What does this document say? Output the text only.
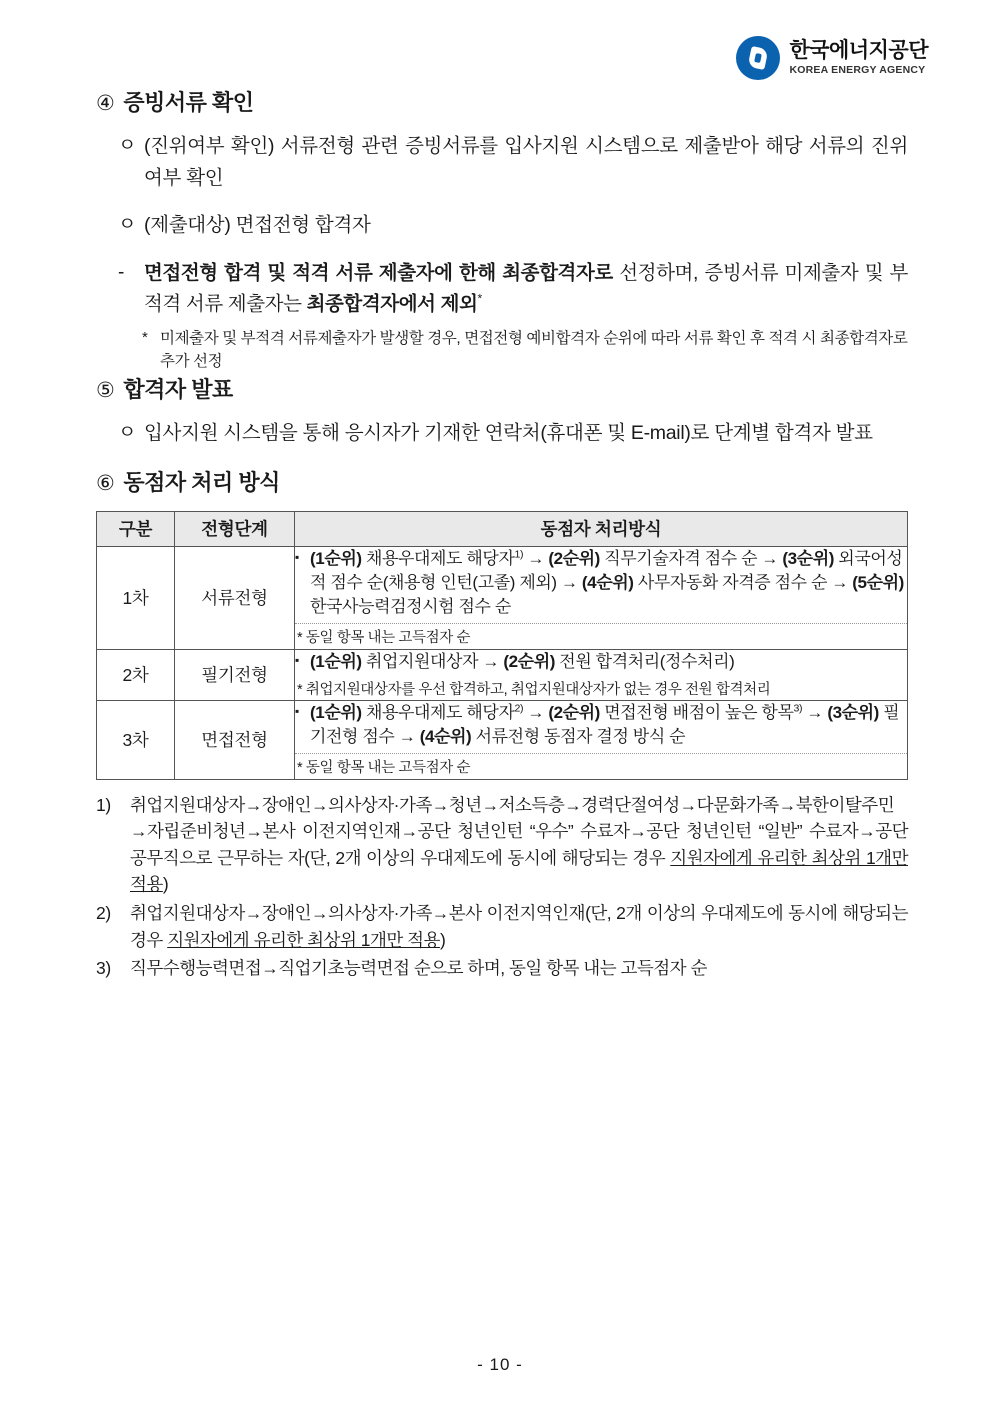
한국에너지공단
KOREA ENERGY AGENCY
④ 증빙서류 확인
ㅇ (진위여부 확인) 서류전형 관련 증빙서류를 입사지원 시스템으로 제출받아 해당 서류의 진위여부 확인
ㅇ (제출대상) 면접전형 합격자
-	면접전형 합격 및 적격 서류 제출자에 한해 최종합격자로 선정하며, 증빙서류 미제출자 및 부적격 서류 제출자는 최종합격자에서 제외*
* 미제출자 및 부적격 서류제출자가 발생할 경우, 면접전형 예비합격자 순위에 따라 서류 확인 후 적격 시 최종합격자로 추가 선정
⑤ 합격자 발표
ㅇ 입사지원 시스템을 통해 응시자가 기재한 연락처(휴대폰 및 E-mail)로 단계별 합격자 발표
⑥ 동점자 처리 방식
구분	전형단계	동점자 처리방식
1차	서류전형	▪ (1순위) 채용우대제도 해당자$^{1)}$ → (2순위) 직무기술자격 점수 순 → (3순위) 외국어성적 점수 순(채용형 인턴(고졸) 제외) → (4순위) 사무자동화 자격증 점수 순 → (5순위) 한국사능력검정시험 점수 순
* 동일 항목 내는 고득점자 순

2차	필기전형	▪ (1순위) 취업지원대상자 → (2순위) 전원 합격처리(정수처리)
* 취업지원대상자를 우선 합격하고, 취업지원대상자가 없는 경우 전원 합격처리

3차	면접전형	▪ (1순위) 채용우대제도 해당자$^{2)}$ → (2순위) 면접전형 배점이 높은 항목$^{3)}$ → (3순위) 필기전형 점수 → (4순위) 서류전형 동점자 결정 방식 순
* 동일 항목 내는 고득점자 순
1)	취업지원대상자→장애인→의사상자·가족→청년→저소득층→경력단절여성→다문화가족→북한이탈주민→자립준비청년→본사 이전지역인재→공단 청년인턴 “우수” 수료자→공단 청년인턴 “일반” 수료자→공단 공무직으로 근무하는 자(단, 2개 이상의 우대제도에 동시에 해당되는 경우 지원자에게 유리한 최상위 1개만 적용)
2)	취업지원대상자→장애인→의사상자·가족→본사 이전지역인재(단, 2개 이상의 우대제도에 동시에 해당되는 경우 지원자에게 유리한 최상위 1개만 적용)
3)	직무수행능력면접→직업기초능력면접 순으로 하며, 동일 항목 내는 고득점자 순
- 10 -
